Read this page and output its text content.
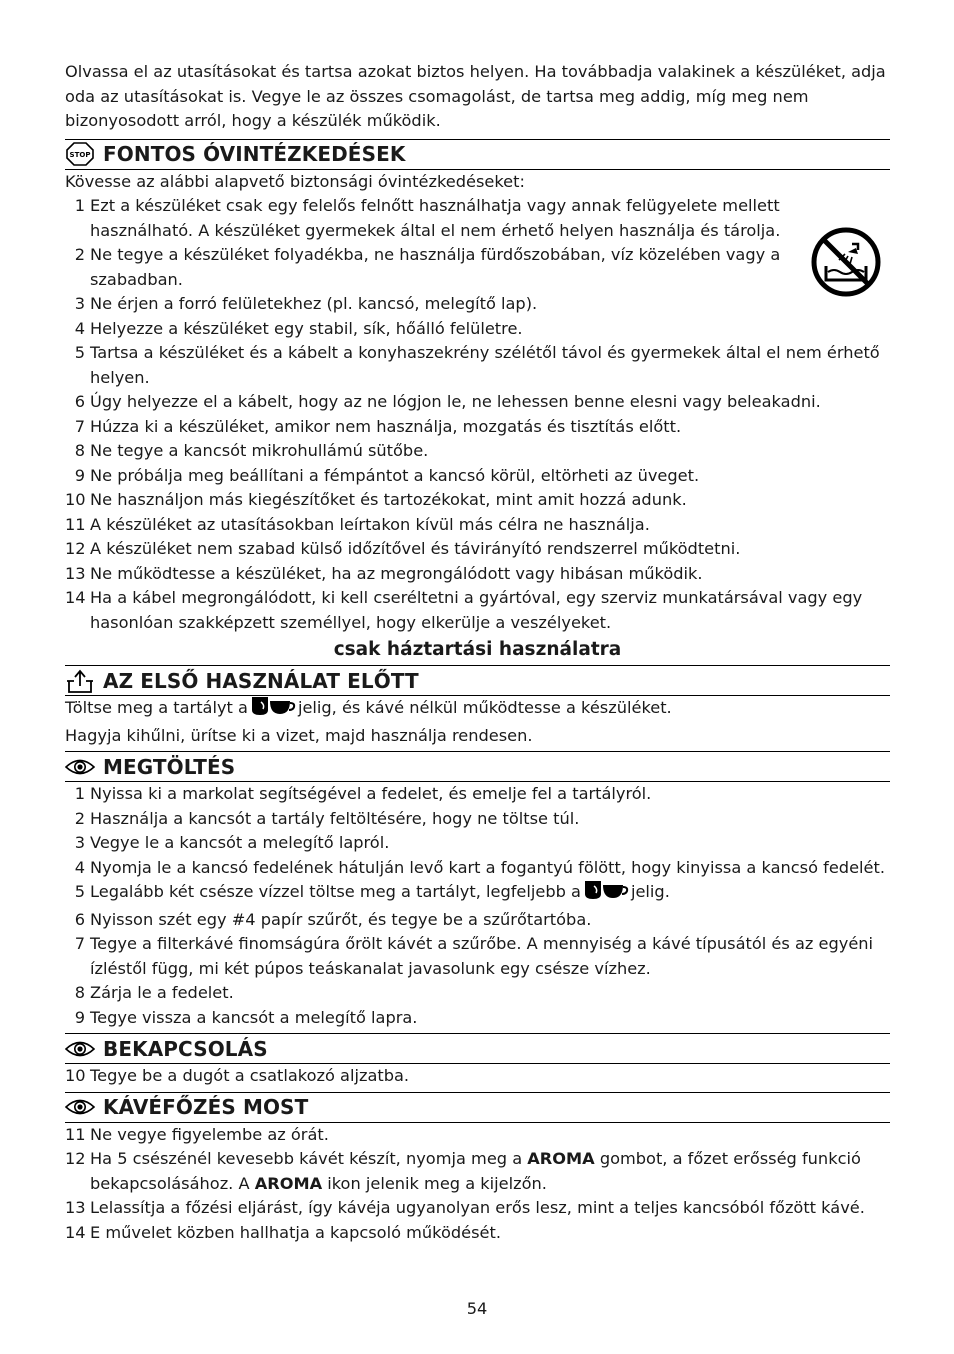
Olvassa el az utasításokat és tartsa azokat biztos helyen. Ha továbbadja valakinek a készüléket, adja oda az utasításokat is. Vegye le az összes csomagolást, de tartsa meg addig, míg meg nem bizonyosodott arról, hogy a készülék működik.

STOP FONTOS ÓVINTÉZKEDÉSEK

Kövesse az alábbi alapvető biztonsági óvintézkedéseket:

1 Ezt a készüléket csak egy felelős felnőtt használhatja vagy annak felügyelete mellett használható. A készüléket gyermekek által el nem érhető helyen használja és tárolja.
2 Ne tegye a készüléket folyadékba, ne használja fürdőszobában, víz közelében vagy a szabadban.
3 Ne érjen a forró felületekhez (pl. kancsó, melegítő lap).
4 Helyezze a készüléket egy stabil, sík, hőálló felületre.
5 Tartsa a készüléket és a kábelt a konyhaszekrény szélétől távol és gyermekek által el nem érhető helyen.
6 Úgy helyezze el a kábelt, hogy az ne lógjon le, ne lehessen benne elesni vagy beleakadni.
7 Húzza ki a készüléket, amikor nem használja, mozgatás és tisztítás előtt.
8 Ne tegye a kancsót mikrohullámú sütőbe.
9 Ne próbálja meg beállítani a fémpántot a kancsó körül, eltörheti az üveget.
10 Ne használjon más kiegészítőket és tartozékokat, mint amit hozzá adunk.
11 A készüléket az utasításokban leírtakon kívül más célra ne használja.
12 A készüléket nem szabad külső időzítővel és távirányító rendszerrel működtetni.
13 Ne működtesse a készüléket, ha az megrongálódott vagy hibásan működik.
14 Ha a kábel megrongálódott, ki kell cseréltetni a gyártóval, egy szerviz munkatársával vagy egy hasonlóan szakképzett személlyel, hogy elkerülje a veszélyeket.
csak háztartási használatra
AZ ELSŐ HASZNÁLAT ELŐTT

Töltse meg a tartályt a	jelig, és kávé nélkül működtesse a készüléket.

Hagyja kihűlni, ürítse ki a vizet, majd használja rendesen.

MEGTÖLTÉS
1 Nyissa ki a markolat segítségével a fedelet, és emelje fel a tartályról.
2 Használja a kancsót a tartály feltöltésére, hogy ne töltse túl.
3 Vegye le a kancsót a melegítő lapról.
4 Nyomja le a kancsó fedelének hátulján levő kart a fogantyú fölött, hogy kinyissa a kancsó fedelét.
5 Legalább két csésze vízzel töltse meg a tartályt, legfeljebb a	jelig.
6 Nyisson szét egy #4 papír szűrőt, és tegye be a szűrőtartóba.
7 Tegye a filterkávé finomságúra őrölt kávét a szűrőbe. A mennyiség a kávé típusától és az egyéni ízléstől függ, mi két púpos teáskanalat javasolunk egy csésze vízhez.
8 Zárja le a fedelet.
9 Tegye vissza a kancsót a melegítő lapra.
BEKAPCSOLÁS
10 Tegye be a dugót a csatlakozó aljzatba.
KÁVÉFŐZÉS MOST
11 Ne vegye figyelembe az órát.
12 Ha 5 csészénél kevesebb kávét készít, nyomja meg a AROMA gombot, a főzet erősség funkció bekapcsolásához. A AROMA ikon jelenik meg a kijelzőn.
13 Lelassítja a főzési eljárást, így kávéja ugyanolyan erős lesz, mint a teljes kancsóból főzött kávé.
14 E művelet közben hallhatja a kapcsoló működését.
54
